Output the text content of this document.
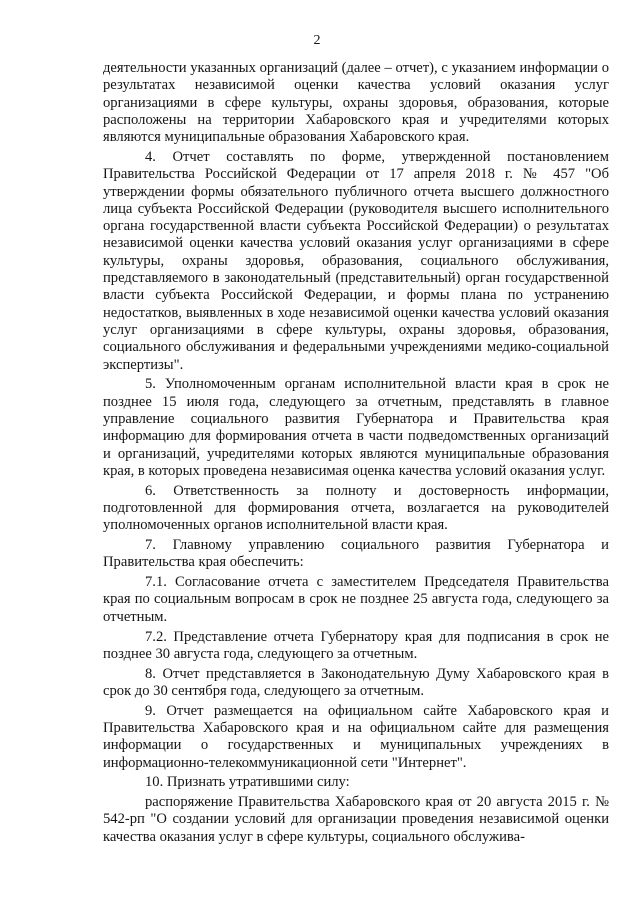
2

деятельности указанных организаций (далее – отчет), с указанием информации о результатах независимой оценки качества условий оказания услуг организациями в сфере культуры, охраны здоровья, образования, которые расположены на территории Хабаровского края и учредителями которых являются муниципальные образования Хабаровского края.

4. Отчет составлять по форме, утвержденной постановлением Правительства Российской Федерации от 17 апреля 2018 г. № 457 "Об утверждении формы обязательного публичного отчета высшего должностного лица субъекта Российской Федерации (руководителя высшего исполнительного органа государственной власти субъекта Российской Федерации) о результатах независимой оценки качества условий оказания услуг организациями в сфере культуры, охраны здоровья, образования, социального обслуживания, представляемого в законодательный (представительный) орган государственной власти субъекта Российской Федерации, и формы плана по устранению недостатков, выявленных в ходе независимой оценки качества условий оказания услуг организациями в сфере культуры, охраны здоровья, образования, социального обслуживания и федеральными учреждениями медико-социальной экспертизы".

5. Уполномоченным органам исполнительной власти края в срок не позднее 15 июля года, следующего за отчетным, представлять в главное управление социального развития Губернатора и Правительства края информацию для формирования отчета в части подведомственных организаций и организаций, учредителями которых являются муниципальные образования края, в которых проведена независимая оценка качества условий оказания услуг.

6. Ответственность за полноту и достоверность информации, подготовленной для формирования отчета, возлагается на руководителей уполномоченных органов исполнительной власти края.

7. Главному управлению социального развития Губернатора и Правительства края обеспечить:

7.1. Согласование отчета с заместителем Председателя Правительства края по социальным вопросам в срок не позднее 25 августа года, следующего за отчетным.

7.2. Представление отчета Губернатору края для подписания в срок не позднее 30 августа года, следующего за отчетным.

8. Отчет представляется в Законодательную Думу Хабаровского края в срок до 30 сентября года, следующего за отчетным.

9. Отчет размещается на официальном сайте Хабаровского края и Правительства Хабаровского края и на официальном сайте для размещения информации о государственных и муниципальных учреждениях в информационно-телекоммуникационной сети "Интернет".

10. Признать утратившими силу:

распоряжение Правительства Хабаровского края от 20 августа 2015 г. № 542-рп "О создании условий для организации проведения независимой оценки качества оказания услуг в сфере культуры, социального обслужива-
